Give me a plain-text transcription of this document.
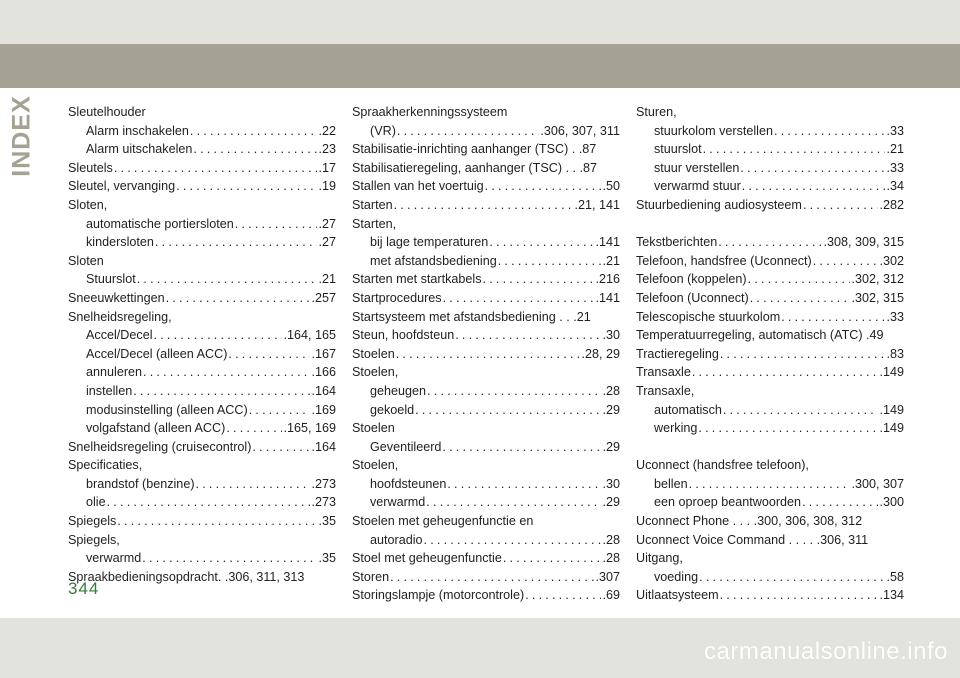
INDEX	Sleutelhouder
Alarm inschakelen .....	.22
Alarm uitschakelen .....	.23
Sleutels .....	.17
Sleutel, vervanging .....	.19
Sloten,
automatische portiersloten .....	.27
kindersloten .....	.27
Sloten
Stuurslot .....	.21
Sneeuwkettingen .....	.257
Snelheidsregeling,
Accel/Decel .....	.164, 165
Accel/Decel (alleen ACC) .....	.167
annuleren .....	.166
instellen .....	.164
modusinstelling (alleen ACC) .....	.169
volgafstand (alleen ACC) .....	.165, 169
Snelheidsregeling (cruisecontrol) .....	.164
Specificaties,
brandstof (benzine) .....	.273
olie .....	.273
Spiegels .....	.35
Spiegels,
verwarmd .....	.35
Spraakbedieningsopdracht. .306, 311, 313
Spraakherkenningssysteem
(VR) .....	.306, 307, 311
Stabilisatie-inrichting aanhanger (TSC) . .87
Stabilisatieregeling, aanhanger (TSC) . . .87
Stallen van het voertuig .....	.50
Starten .....	.21, 141
Starten,
bij lage temperaturen .....	.141
met afstandsbediening .....	.21
Starten met startkabels .....	.216
Startprocedures .....	.141
Startsysteem met afstandsbediening . . .21
Steun, hoofdsteun .....	.30
Stoelen .....	.28, 29
Stoelen,
geheugen .....	.28
gekoeld .....	.29
Stoelen
Geventileerd .....	.29
Stoelen,
hoofdsteunen .....	.30
verwarmd .....	.29
Stoelen met geheugenfunctie en
autoradio .....	.28
Stoel met geheugenfunctie .....	.28
Storen .....	.307
Storingslampje (motorcontrole) .....	.69
Sturen,
stuurkolom verstellen .....	.33
stuurslot .....	.21
stuur verstellen .....	.33
verwarmd stuur .....	.34
Stuurbediening audiosysteem .....	.282
Tekstberichten .....	.308, 309, 315
Telefoon, handsfree (Uconnect) .....	.302
Telefoon (koppelen) .....	.302, 312
Telefoon (Uconnect) .....	.302, 315
Telescopische stuurkolom .....	.33
Temperatuurregeling, automatisch (ATC) .49
Tractieregeling .....	.83
Transaxle .....	.149
Transaxle,
automatisch .....	.149
werking .....	.149
Uconnect (handsfree telefoon),
bellen .....	.300, 307
een oproep beantwoorden .....	.300
Uconnect Phone . . . .300, 306, 308, 312
Uconnect Voice Command . . . . .306, 311
Uitgang,
voeding .....	.58
Uitlaatsysteem .....	.134
344
carmanualsonline.info
